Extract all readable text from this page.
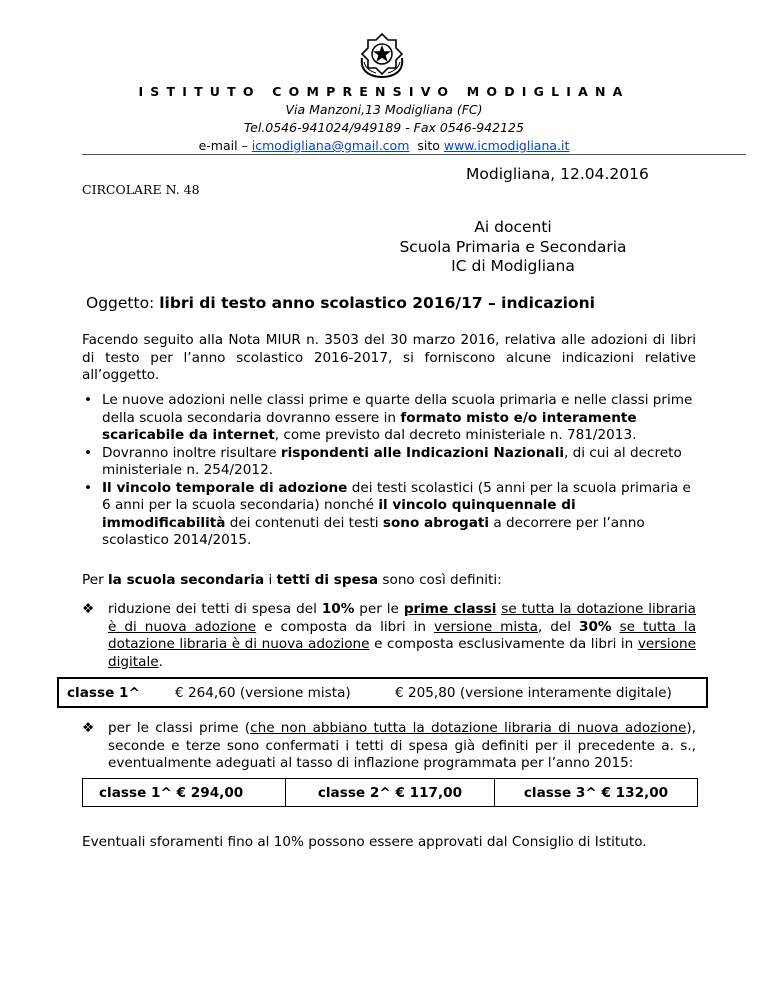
ISTITUTO COMPRENSIVO MODIGLIANA
Via Manzoni,13 Modigliana (FC)
Tel.0546-941024/949189 - Fax 0546-942125
e-mail – icmodigliana@gmail.com sito www.icmodigliana.it
Modigliana, 12.04.2016
CIRCOLARE N. 48
Ai docenti
Scuola Primaria e Secondaria
IC di Modigliana
Oggetto: libri di testo anno scolastico 2016/17 – indicazioni
Facendo seguito alla Nota MIUR n. 3503 del 30 marzo 2016, relativa alle adozioni di libri di testo per l’anno scolastico 2016-2017, si forniscono alcune indicazioni relative all’oggetto.
• Le nuove adozioni nelle classi prime e quarte della scuola primaria e nelle classi prime della scuola secondaria dovranno essere in formato misto e/o interamente scaricabile da internet, come previsto dal decreto ministeriale n. 781/2013.
• Dovranno inoltre risultare rispondenti alle Indicazioni Nazionali, di cui al decreto ministeriale n. 254/2012.
• Il vincolo temporale di adozione dei testi scolastici (5 anni per la scuola primaria e 6 anni per la scuola secondaria) nonché il vincolo quinquennale di immodificabilità dei contenuti dei testi sono abrogati a decorrere per l’anno scolastico 2014/2015.
Per la scuola secondaria i tetti di spesa sono così definiti:
❖ riduzione dei tetti di spesa del 10% per le prime classi se tutta la dotazione libraria è di nuova adozione e composta da libri in versione mista, del 30% se tutta la dotazione libraria è di nuova adozione e composta esclusivamente da libri in versione digitale.
classe 1^	€ 264,60 (versione mista)	€ 205,80 (versione interamente digitale)
❖ per le classi prime (che non abbiano tutta la dotazione libraria di nuova adozione), seconde e terze sono confermati i tetti di spesa già definiti per il precedente a. s., eventualmente adeguati al tasso di inflazione programmata per l’anno 2015:
classe 1^ € 294,00	classe 2^ € 117,00	classe 3^ € 132,00
Eventuali sforamenti fino al 10% possono essere approvati dal Consiglio di Istituto.
